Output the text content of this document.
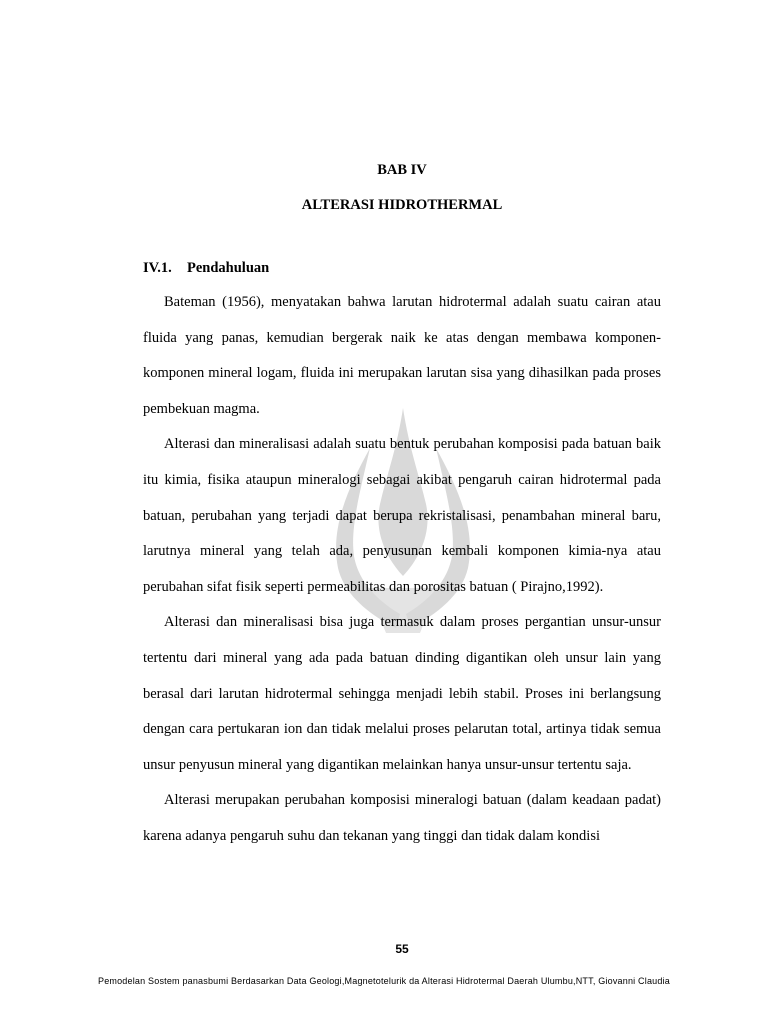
BAB IV
ALTERASI HIDROTHERMAL
IV.1. Pendahuluan

Bateman (1956), menyatakan bahwa larutan hidrotermal adalah suatu cairan atau fluida yang panas, kemudian bergerak naik ke atas dengan membawa komponen-komponen mineral logam, fluida ini merupakan larutan sisa yang dihasilkan pada proses pembekuan magma.

Alterasi dan mineralisasi adalah suatu bentuk perubahan komposisi pada batuan baik itu kimia, fisika ataupun mineralogi sebagai akibat pengaruh cairan hidrotermal pada batuan, perubahan yang terjadi dapat berupa rekristalisasi, penambahan mineral baru, larutnya mineral yang telah ada, penyusunan kembali komponen kimia-nya atau perubahan sifat fisik seperti permeabilitas dan porositas batuan ( Pirajno,1992).

Alterasi dan mineralisasi bisa juga termasuk dalam proses pergantian unsur-unsur tertentu dari mineral yang ada pada batuan dinding digantikan oleh unsur lain yang berasal dari larutan hidrotermal sehingga menjadi lebih stabil. Proses ini berlangsung dengan cara pertukaran ion dan tidak melalui proses pelarutan total, artinya tidak semua unsur penyusun mineral yang digantikan melainkan hanya unsur-unsur tertentu saja.

Alterasi merupakan perubahan komposisi mineralogi batuan (dalam keadaan padat) karena adanya pengaruh suhu dan tekanan yang tinggi dan tidak dalam kondisi

55
Pemodelan Sostem panasbumi Berdasarkan Data Geologi,Magnetotelurik da Alterasi Hidrotermal Daerah Ulumbu,NTT, Giovanni Claudia
